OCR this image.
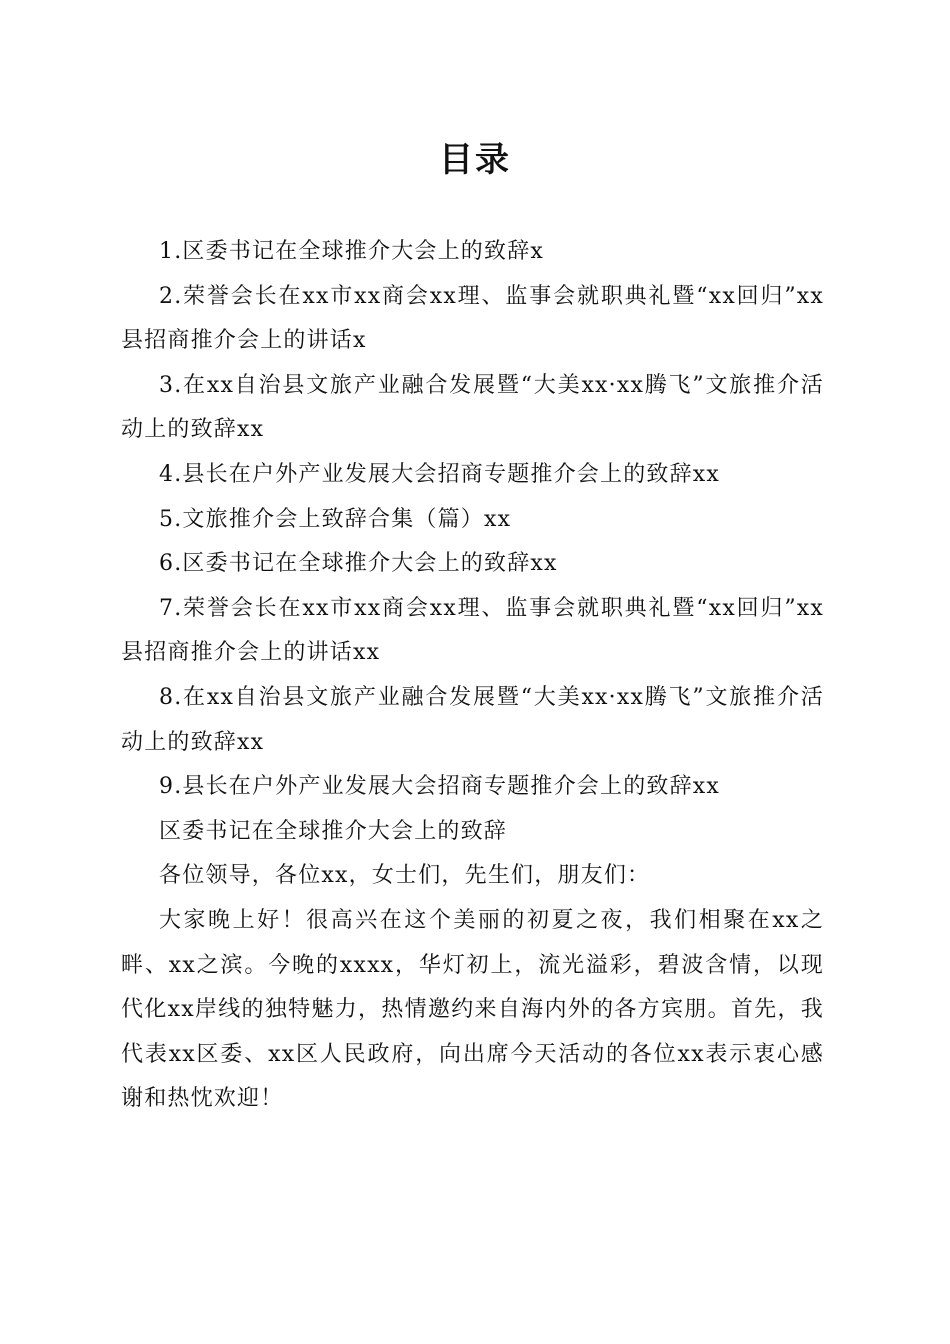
目录

1.区委书记在全球推介大会上的致辞x

2.荣誉会长在xx市xx商会xx理、监事会就职典礼暨“xx回归”xx县招商推介会上的讲话x

3.在xx自治县文旅产业融合发展暨“大美xx·xx腾飞”文旅推介活动上的致辞xx

4.县长在户外产业发展大会招商专题推介会上的致辞xx

5.文旅推介会上致辞合集（篇）xx

6.区委书记在全球推介大会上的致辞xx

7.荣誉会长在xx市xx商会xx理、监事会就职典礼暨“xx回归”xx县招商推介会上的讲话xx

8.在xx自治县文旅产业融合发展暨“大美xx·xx腾飞”文旅推介活动上的致辞xx

9.县长在户外产业发展大会招商专题推介会上的致辞xx

区委书记在全球推介大会上的致辞

各位领导，各位xx，女士们，先生们，朋友们：

大家晚上好！很高兴在这个美丽的初夏之夜，我们相聚在xx之畔、xx之滨。今晚的xxxx，华灯初上，流光溢彩，碧波含情，以现代化xx岸线的独特魅力，热情邀约来自海内外的各方宾朋。首先，我代表xx区委、xx区人民政府，向出席今天活动的各位xx表示衷心感谢和热忱欢迎！
